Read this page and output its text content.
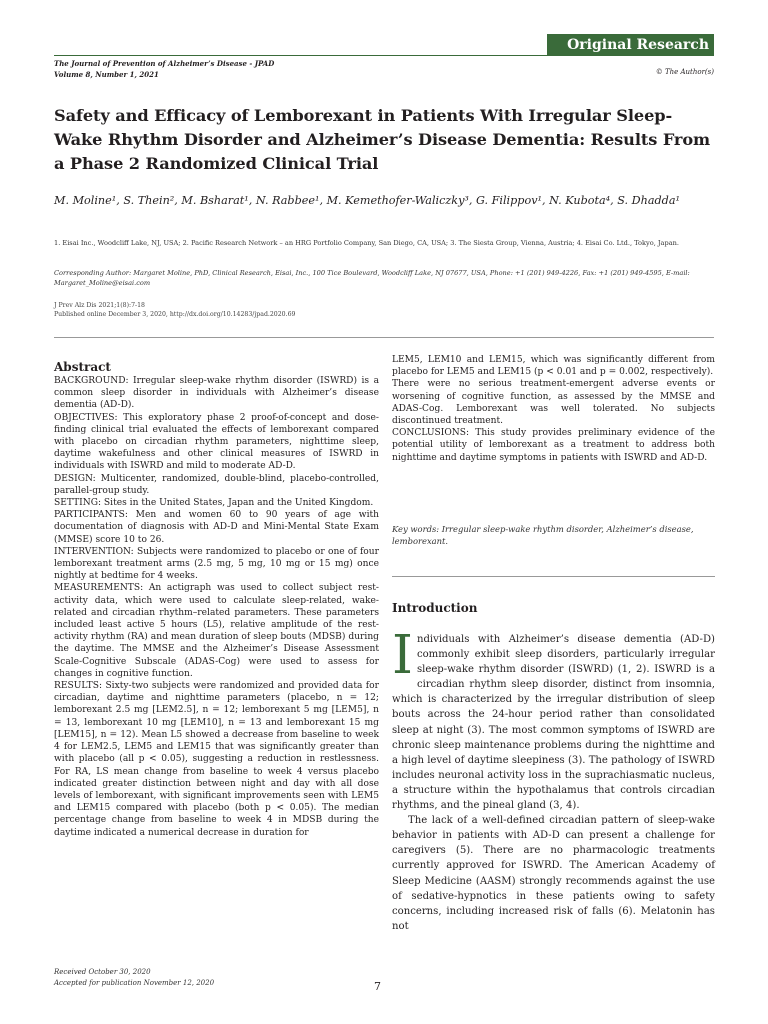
Original Research
The Journal of Prevention of Alzheimer’s Disease - JPAD
Volume 8, Number 1, 2021	© The Author(s)
Safety and Efficacy of Lemborexant in Patients With Irregular Sleep-Wake Rhythm Disorder and Alzheimer’s Disease Dementia: Results From a Phase 2 Randomized Clinical Trial

M. Moline¹, S. Thein², M. Bsharat¹, N. Rabbee¹, M. Kemethofer-Waliczky³, G. Filippov¹, N. Kubota⁴, S. Dhadda¹

1. Eisai Inc., Woodcliff Lake, NJ, USA; 2. Pacific Research Network – an HRG Portfolio Company, San Diego, CA, USA; 3. The Siesta Group, Vienna, Austria; 4. Eisai Co. Ltd., Tokyo, Japan.

Corresponding Author: Margaret Moline, PhD, Clinical Research, Eisai, Inc., 100 Tice Boulevard, Woodcliff Lake, NJ 07677, USA, Phone: +1 (201) 949-4226, Fax: +1 (201) 949-4595, E-mail: Margaret_Moline@eisai.com

J Prev Alz Dis 2021;1(8):7-18

Published online December 3, 2020, http://dx.doi.org/10.14283/jpad.2020.69

Abstract

BACKGROUND: Irregular sleep-wake rhythm disorder (ISWRD) is a common sleep disorder in individuals with Alzheimer’s disease dementia (AD-D).

OBJECTIVES: This exploratory phase 2 proof-of-concept and dose-finding clinical trial evaluated the effects of lemborexant compared with placebo on circadian rhythm parameters, nighttime sleep, daytime wakefulness and other clinical measures of ISWRD in individuals with ISWRD and mild to moderate AD-D.

DESIGN: Multicenter, randomized, double-blind, placebo-controlled, parallel-group study.

SETTING: Sites in the United States, Japan and the United Kingdom.

PARTICIPANTS: Men and women 60 to 90 years of age with documentation of diagnosis with AD-D and Mini-Mental State Exam (MMSE) score 10 to 26.

INTERVENTION: Subjects were randomized to placebo or one of four lemborexant treatment arms (2.5 mg, 5 mg, 10 mg or 15 mg) once nightly at bedtime for 4 weeks.

MEASUREMENTS: An actigraph was used to collect subject rest-activity data, which were used to calculate sleep-related, wake-related and circadian rhythm–related parameters. These parameters included least active 5 hours (L5), relative amplitude of the rest-activity rhythm (RA) and mean duration of sleep bouts (MDSB) during the daytime. The MMSE and the Alzheimer’s Disease Assessment Scale-Cognitive Subscale (ADAS-Cog) were used to assess for changes in cognitive function.

RESULTS: Sixty-two subjects were randomized and provided data for circadian, daytime and nighttime parameters (placebo, n = 12; lemborexant 2.5 mg [LEM2.5], n = 12; lemborexant 5 mg [LEM5], n = 13, lemborexant 10 mg [LEM10], n = 13 and lemborexant 15 mg [LEM15], n = 12). Mean L5 showed a decrease from baseline to week 4 for LEM2.5, LEM5 and LEM15 that was significantly greater than with placebo (all p < 0.05), suggesting a reduction in restlessness. For RA, LS mean change from baseline to week 4 versus placebo indicated greater distinction between night and day with all dose levels of lemborexant, with significant improvements seen with LEM5 and LEM15 compared with placebo (both p < 0.05). The median percentage change from baseline to week 4 in MDSB during the daytime indicated a numerical decrease in duration for

LEM5, LEM10 and LEM15, which was significantly different from placebo for LEM5 and LEM15 (p < 0.01 and p = 0.002, respectively).

There were no serious treatment-emergent adverse events or worsening of cognitive function, as assessed by the MMSE and ADAS-Cog. Lemborexant was well tolerated. No subjects discontinued treatment.

CONCLUSIONS: This study provides preliminary evidence of the potential utility of lemborexant as a treatment to address both nighttime and daytime symptoms in patients with ISWRD and AD-D.

Key words: Irregular sleep-wake rhythm disorder, Alzheimer’s disease, lemborexant.

Introduction

Individuals with Alzheimer’s disease dementia (AD-D) commonly exhibit sleep disorders, particularly irregular sleep-wake rhythm disorder (ISWRD) (1, 2). ISWRD is a circadian rhythm sleep disorder, distinct from insomnia, which is characterized by the irregular distribution of sleep bouts across the 24-hour period rather than consolidated sleep at night (3). The most common symptoms of ISWRD are chronic sleep maintenance problems during the nighttime and a high level of daytime sleepiness (3). The pathology of ISWRD includes neuronal activity loss in the suprachiasmatic nucleus, a structure within the hypothalamus that controls circadian rhythms, and the pineal gland (3, 4).

The lack of a well-defined circadian pattern of sleep-wake behavior in patients with AD-D can present a challenge for caregivers (5). There are no pharmacologic treatments currently approved for ISWRD. The American Academy of Sleep Medicine (AASM) strongly recommends against the use of sedative-hypnotics in these patients owing to safety concerns, including increased risk of falls (6). Melatonin has not

Received October 30, 2020
Accepted for publication November 12, 2020	7
